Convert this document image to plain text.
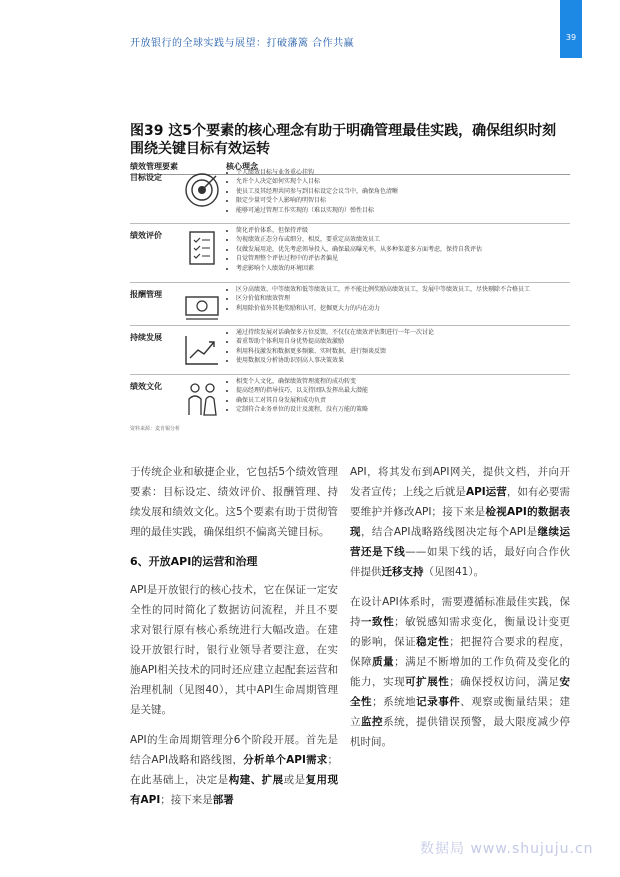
开放银行的全球实践与展望：打破藩篱 合作共赢
39
图39 这5个要素的核心理念有助于明确管理最佳实践，确保组织时刻围绕关键目标有效运转
绩效管理要素	核心理念
目标设定
• 个人绩效目标与业务重心挂钩
• 允许个人决定如何实现个人目标
• 使员工及其经理共同参与到目标设定会议当中，确保角色清晰
• 限定少量可受个人影响的明智目标
• 能够可通过管理工作实现的（难以实现的）弹性目标
绩效评价
• 简化评价体系，但保持评级
• 勿视绩效正态分布或细分，相反，要重定高效绩效员工
• 仅做发展用途，优先考虑领导投入，确保最高曝光率，从多种渠道多方面考虑，保持自我评估
• 自觉管理整个评估过程中的评估者偏见
• 考虑影响个人绩效的环境因素
报酬管理
• 区分高绩效、中等绩效和低等绩效员工，并不能比例奖励高绩效员工，发展中等绩效员工，尽快剔除不合格员工
• 区分价值和绩效管理
• 利用除价值外其他奖励和认可，挖掘更大力的内在动力
持续发展
• 通过持续发展对话确保多方位反馈，不仅仅在绩效评估期进行一年一次讨论
• 着重帮助个体利用自身优势提高绩效激励
• 利用科技激发和数据更多频繁、实时数据，进行频谈反馈
• 使用数据及分析协助识别高人事决策效果
绩效文化
• 相变个人文化，确保绩效管理流程的成功转变
• 提高经理的指导技巧，以支持团队发挥出最大潜能
• 确保员工对其自身发展和成功负责
• 定制符合业务单位的设计及流程，没有万能的策略
资料来源：麦肯锡分析

于传统企业和敏捷企业，它包括5个绩效管理要素：目标设定、绩效评价、报酬管理、持续发展和绩效文化。这5个要素有助于贯彻管理的最佳实践，确保组织不偏离关键目标。

6、开放API的运营和治理

API是开放银行的核心技术，它在保证一定安全性的同时简化了数据访问流程，并且不要求对银行原有核心系统进行大幅改造。在建设开放银行时，银行业领导者要注意，在实施API相关技术的同时还应建立起配套运营和治理机制（见图40），其中API生命周期管理是关键。

API的生命周期管理分6个阶段开展。首先是结合API战略和路线图，分析单个API需求；在此基础上，决定是构建、扩展或是复用现有API；接下来是部署

API，将其发布到API网关，提供文档，并向开发者宣传；上线之后就是API运营，如有必要需要维护并修改API；接下来是检视API的数据表现，结合API战略路线图决定每个API是继续运营还是下线——如果下线的话，最好向合作伙伴提供迁移支持（见图41）。

在设计API体系时，需要遵循标准最佳实践，保持一致性；敏锐感知需求变化，衡量设计变更的影响，保证稳定性；把握符合要求的程度，保障质量；满足不断增加的工作负荷及变化的能力，实现可扩展性；确保授权访问，满足安全性；系统地记录事件、观察或衡量结果；建立监控系统，提供错误预警，最大限度减少停机时间。

数据局 www.shujuju.cn
